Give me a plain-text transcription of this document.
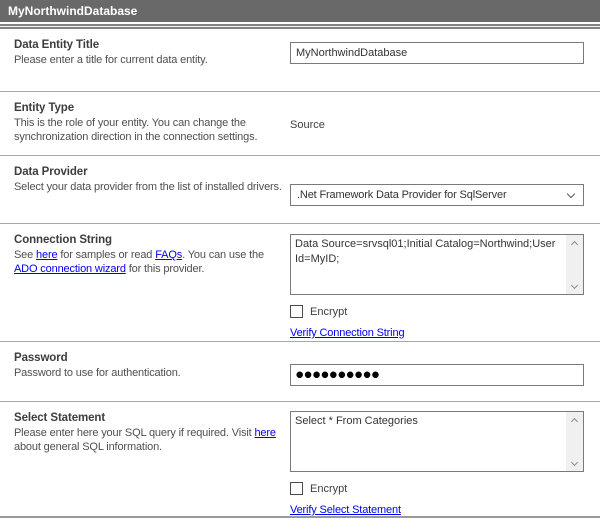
MyNorthwindDatabase
Data Entity Title
Please enter a title for current data entity.
MyNorthwindDatabase
Entity Type
This is the role of your entity. You can change the synchronization direction in the connection settings.
Source
Data Provider
Select your data provider from the list of installed drivers.
.Net Framework Data Provider for SqlServer
Connection String
See here for samples or read FAQs. You can use the ADO connection wizard for this provider.
Data Source=srvsql01;Initial Catalog=Northwind;User Id=MyID;
Encrypt
Verify Connection String
Password
Password to use for authentication.
●●●●●●●●●●
Select Statement
Please enter here your SQL query if required. Visit here about general SQL information.
Select * From Categories
Encrypt
Verify Select Statement
